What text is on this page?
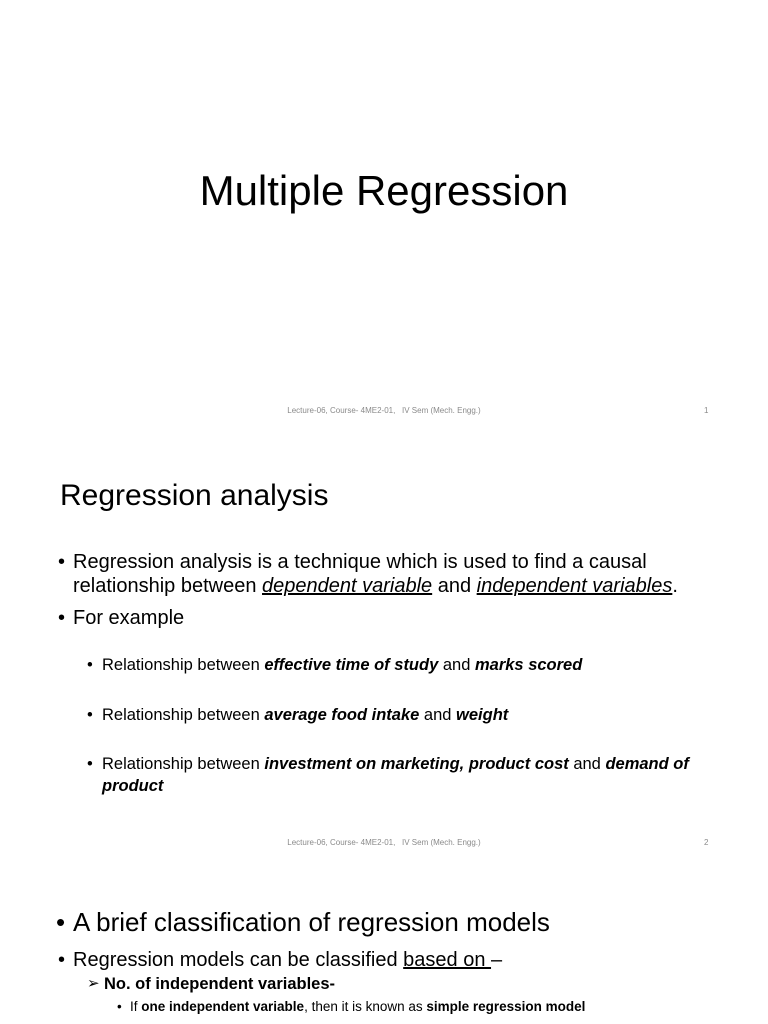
Multiple Regression
Lecture-06, Course- 4ME2-01,   IV Sem (Mech. Engg.)	1
Regression analysis
• Regression analysis is a technique which is used to find a causal
relationship between dependent variable and independent variables.
• For example
• Relationship between effective time of study and marks scored
• Relationship between average food intake and weight
• Relationship between investment on marketing, product cost and demand of
product
Lecture-06, Course- 4ME2-01,   IV Sem (Mech. Engg.)	2
• A brief classification of regression models
• Regression models can be classified based on –
➢ No. of independent variables-
• If one independent variable, then it is known as simple regression model
